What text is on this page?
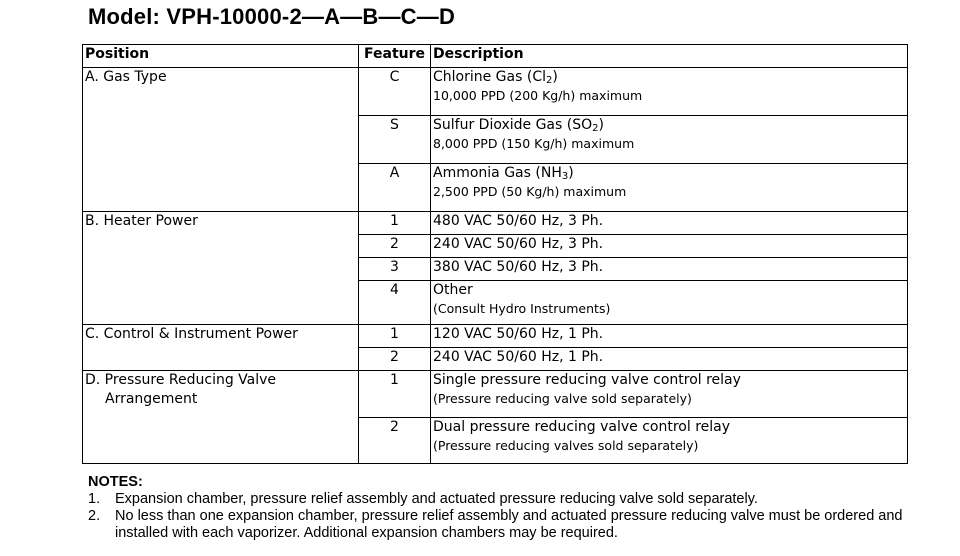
Model: VPH-10000-2—A—B—C—D
Position	Feature	Description
A. Gas Type	C	Chlorine Gas $(Cl_2)$
10,000 PPD (200 Kg/h) maximum
	S	Sulfur Dioxide Gas $(SO_2)$
8,000 PPD (150 Kg/h) maximum
	A	Ammonia Gas $(NH_3)$
2,500 PPD (50 Kg/h) maximum
B. Heater Power	1	480 VAC 50/60 Hz, 3 Ph.
	2	240 VAC 50/60 Hz, 3 Ph.
	3	380 VAC 50/60 Hz, 3 Ph.
	4	Other
(Consult Hydro Instruments)
C. Control & Instrument Power	1	120 VAC 50/60 Hz, 1 Ph.
	2	240 VAC 50/60 Hz, 1 Ph.
D. Pressure Reducing Valve
Arrangement	1	Single pressure reducing valve control relay
(Pressure reducing valve sold separately)
	2	Dual pressure reducing valve control relay
(Pressure reducing valves sold separately)
NOTES:
1.	Expansion chamber, pressure relief assembly and actuated pressure reducing valve sold separately.
2.	No less than one expansion chamber, pressure relief assembly and actuated pressure reducing valve must be ordered and installed with each vaporizer. Additional expansion chambers may be required.
